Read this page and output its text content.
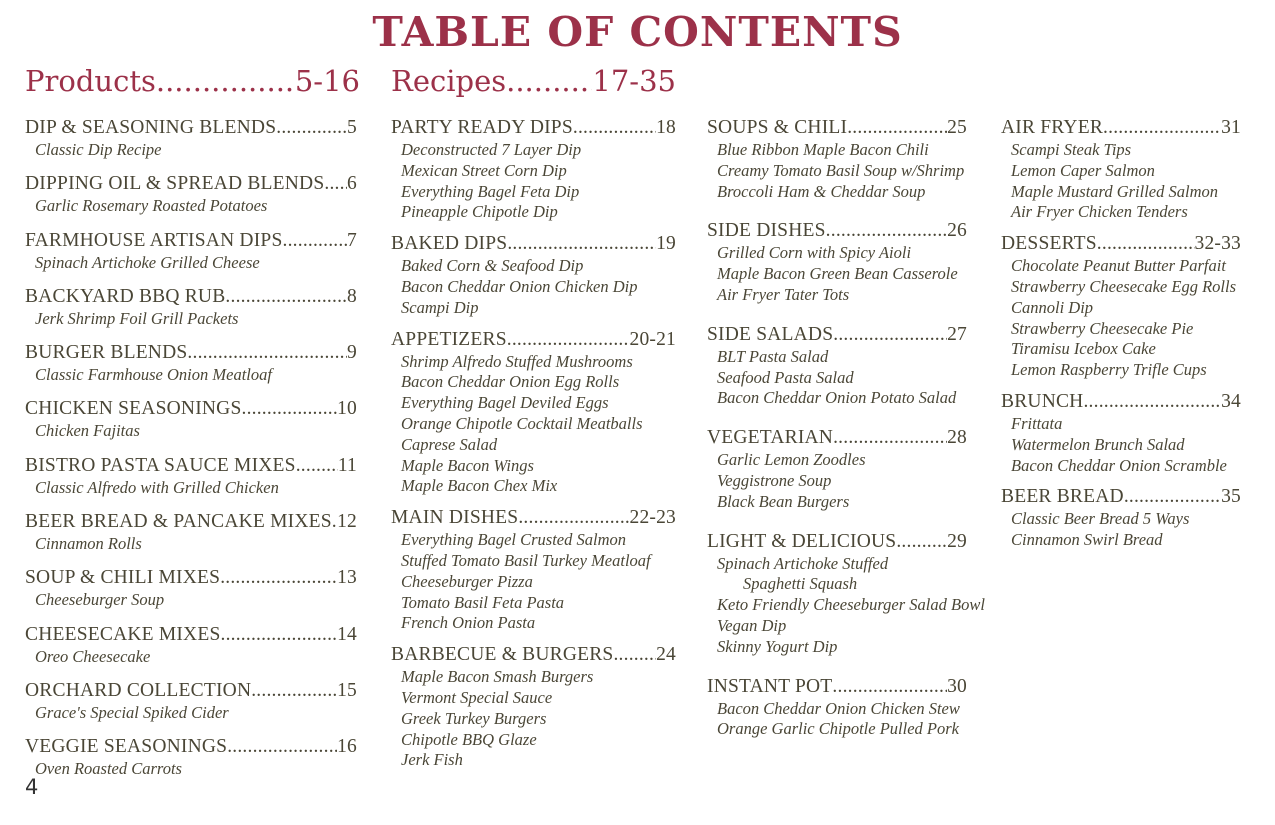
TABLE OF CONTENTS
Products .....	5-16 Recipes .....	17-35
DIP & SEASONING BLENDS .....	5
Classic Dip Recipe
DIPPING OIL & SPREAD BLENDS ..... 6
Garlic Rosemary Roasted Potatoes
FARMHOUSE ARTISAN DIPS .....	7
Spinach Artichoke Grilled Cheese
BACKYARD BBQ RUB .....	8
Jerk Shrimp Foil Grill Packets
BURGER BLENDS .....	9
Classic Farmhouse Onion Meatloaf
CHICKEN SEASONINGS .....	10
Chicken Fajitas
BISTRO PASTA SAUCE MIXES ..... 11
Classic Alfredo with Grilled Chicken
BEER BREAD & PANCAKE MIXES ..... 12
Cinnamon Rolls
SOUP & CHILI MIXES .....	13
Cheeseburger Soup
CHEESECAKE MIXES .....	14
Oreo Cheesecake
ORCHARD COLLECTION .....	15
Grace's Special Spiked Cider
VEGGIE SEASONINGS .....	16
Oven Roasted Carrots
PARTY READY DIPS .....	18
Deconstructed 7 Layer Dip
Mexican Street Corn Dip
Everything Bagel Feta Dip
Pineapple Chipotle Dip
BAKED DIPS .....	19
Baked Corn & Seafood Dip
Bacon Cheddar Onion Chicken Dip
Scampi Dip
APPETIZERS .....	20-21
Shrimp Alfredo Stuffed Mushrooms
Bacon Cheddar Onion Egg Rolls
Everything Bagel Deviled Eggs
Orange Chipotle Cocktail Meatballs
Caprese Salad
Maple Bacon Wings
Maple Bacon Chex Mix
MAIN DISHES .....	22-23
Everything Bagel Crusted Salmon
Stuffed Tomato Basil Turkey Meatloaf
Cheeseburger Pizza
Tomato Basil Feta Pasta
French Onion Pasta
BARBECUE & BURGERS ..... 24
Maple Bacon Smash Burgers
Vermont Special Sauce
Greek Turkey Burgers
Chipotle BBQ Glaze
Jerk Fish
SOUPS & CHILI .....	25
Blue Ribbon Maple Bacon Chili
Creamy Tomato Basil Soup w/Shrimp
Broccoli Ham & Cheddar Soup
SIDE DISHES .....	26
Grilled Corn with Spicy Aioli
Maple Bacon Green Bean Casserole
Air Fryer Tater Tots
SIDE SALADS .....	27
BLT Pasta Salad
Seafood Pasta Salad
Bacon Cheddar Onion Potato Salad
VEGETARIAN .....	28
Garlic Lemon Zoodles
Veggistrone Soup
Black Bean Burgers
LIGHT & DELICIOUS .....	29
Spinach Artichoke Stuffed
Spaghetti Squash
Keto Friendly Cheeseburger Salad Bowl
Vegan Dip
Skinny Yogurt Dip
INSTANT POT .....	30
Bacon Cheddar Onion Chicken Stew
Orange Garlic Chipotle Pulled Pork
AIR FRYER .....	31
Scampi Steak Tips
Lemon Caper Salmon
Maple Mustard Grilled Salmon
Air Fryer Chicken Tenders
DESSERTS .....	32-33
Chocolate Peanut Butter Parfait
Strawberry Cheesecake Egg Rolls
Cannoli Dip
Strawberry Cheesecake Pie
Tiramisu Icebox Cake
Lemon Raspberry Trifle Cups
BRUNCH .....	34
Frittata
Watermelon Brunch Salad
Bacon Cheddar Onion Scramble
BEER BREAD .....	35
Classic Beer Bread 5 Ways
Cinnamon Swirl Bread
4
